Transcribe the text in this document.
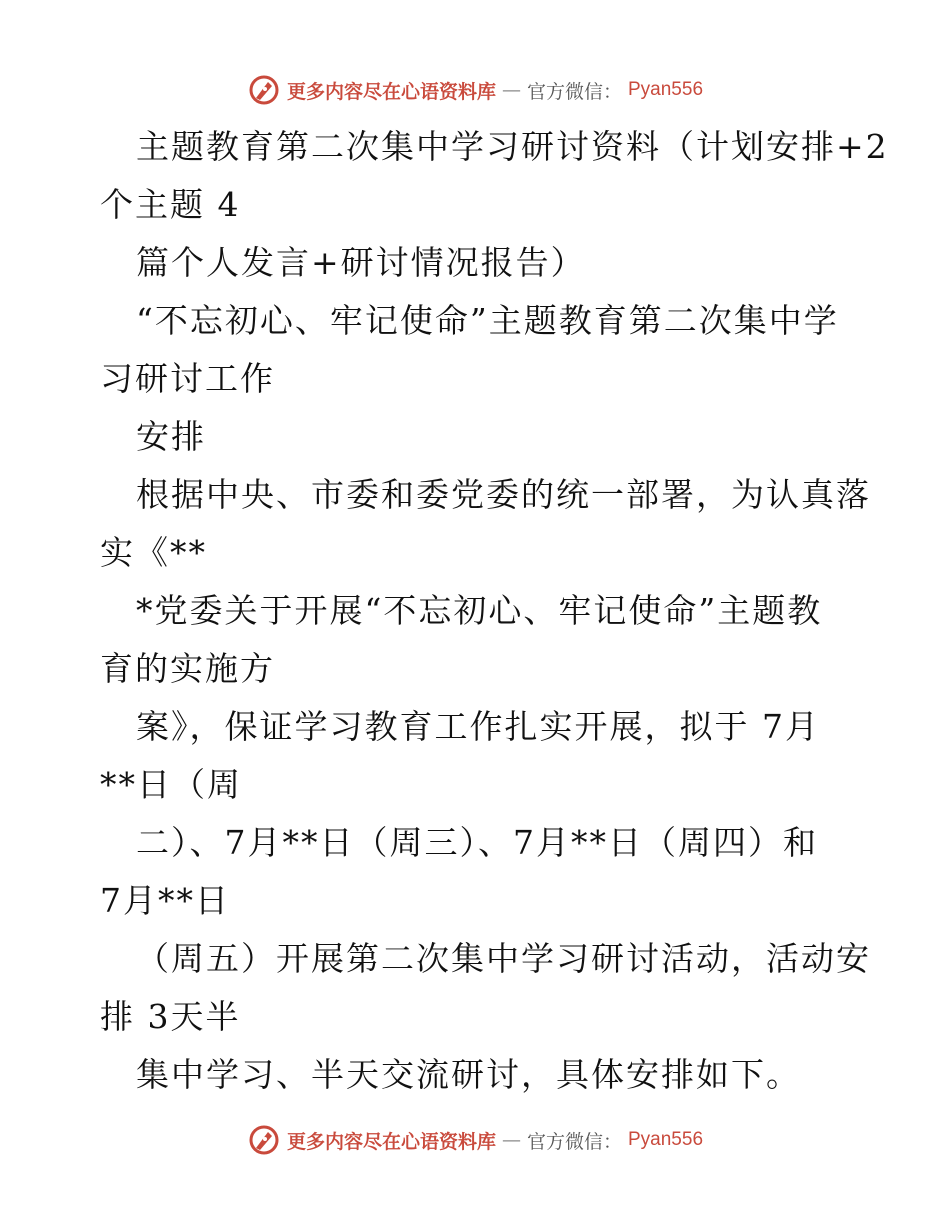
更多内容尽在心语资料库 — 官方微信： Pyan556
主题教育第二次集中学习研讨资料（计划安排+2
个主题 4
篇个人发言+研讨情况报告）
“不忘初心、牢记使命”主题教育第二次集中学
习研讨工作
安排
根据中央、市委和委党委的统一部署，为认真落
实《**
*党委关于开展“不忘初心、牢记使命”主题教
育的实施方
案》，保证学习教育工作扎实开展，拟于 7月
**日（周
二）、7月**日（周三）、7月**日（周四）和
7月**日
（周五）开展第二次集中学习研讨活动，活动安
排 3天半
集中学习、半天交流研讨，具体安排如下。
更多内容尽在心语资料库 — 官方微信： Pyan556
